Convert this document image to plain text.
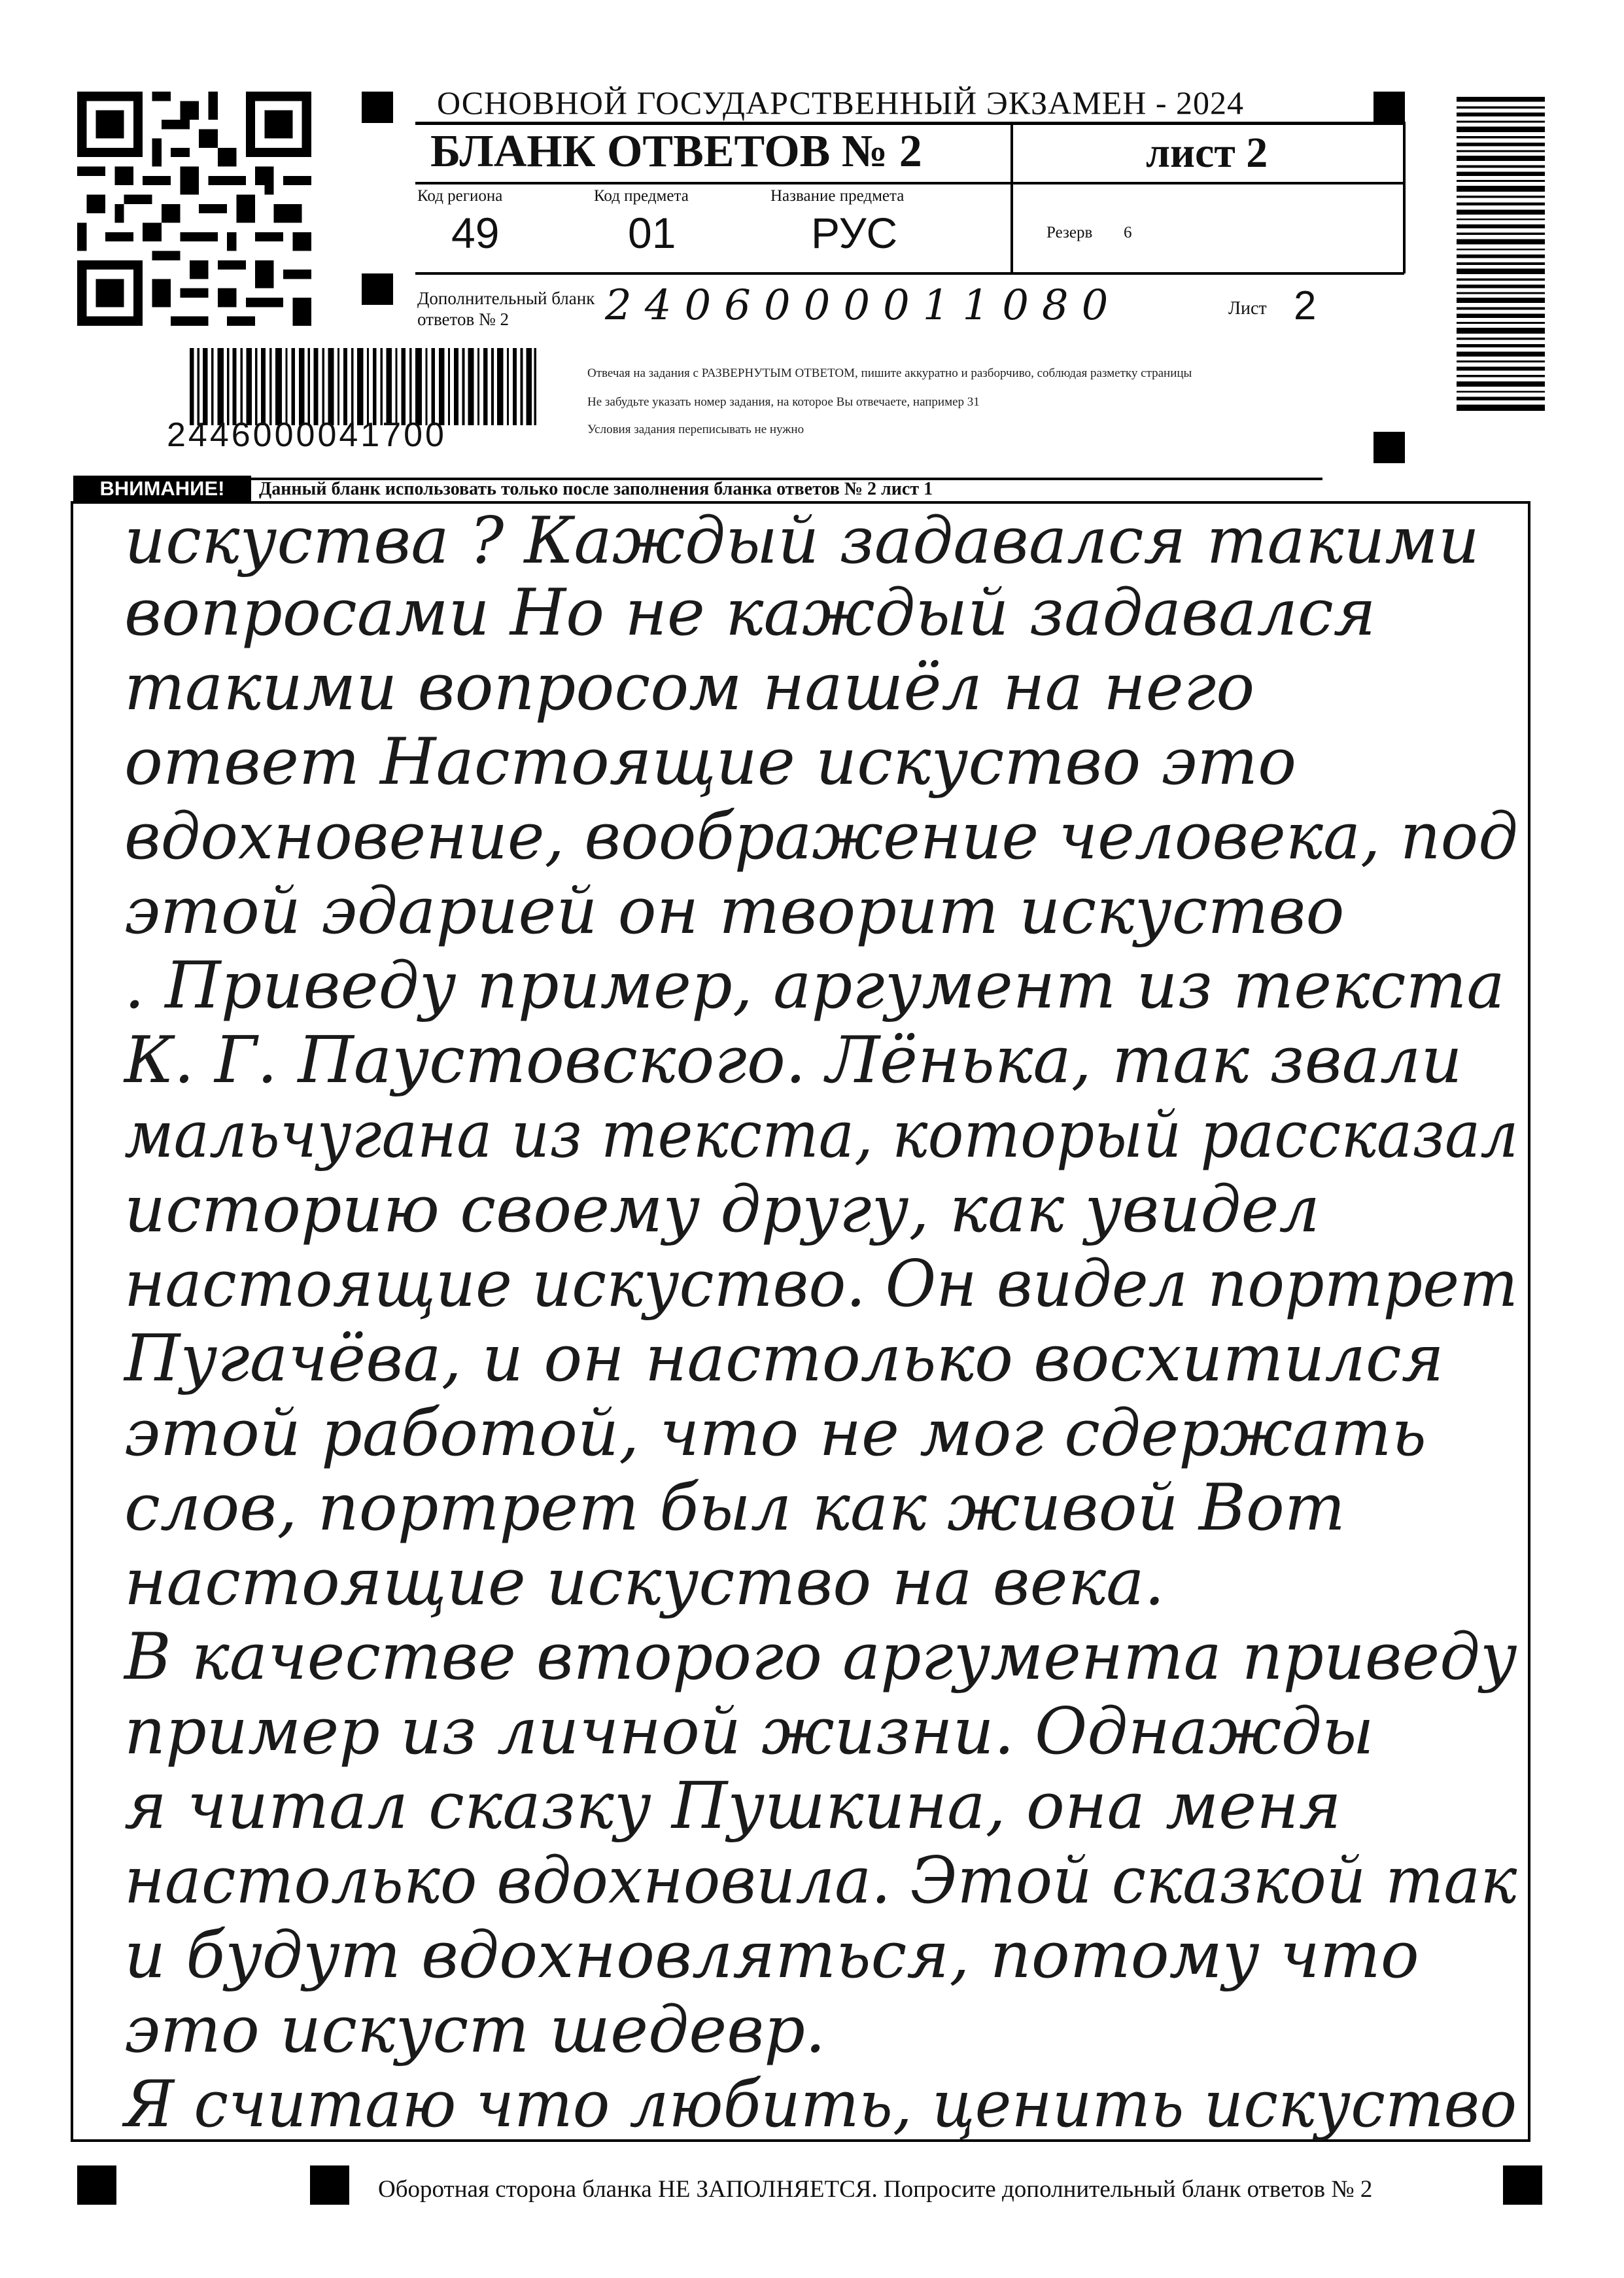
2446000041700
ОСНОВНОЙ ГОСУДАРСТВЕННЫЙ ЭКЗАМЕН - 2024
БЛАНК ОТВЕТОВ № 2	лист 2
Код региона
49
Код предмета
01
Название предмета
РУС	Резерв 6
Дополнительный бланк ответов № 2	2406000011080	Лист 2
Отвечая на задания с РАЗВЕРНУТЫМ ОТВЕТОМ, пишите аккуратно и разборчиво, соблюдая разметку страницы
Не забудьте указать номер задания, на которое Вы отвечаете, например 31
Условия задания переписывать не нужно
ВНИМАНИЕ!	Данный бланк использовать только после заполнения бланка ответов № 2 лист 1
искуства ? Каждый задавался такими
вопросами Но не каждый задавался
такими вопросом нашёл на него
ответ Настоящие искуство это
вдохновение, воображение человека, под
этой эдарией он творит искуство
. Приведу пример, аргумент из текста
К. Г. Паустовского. Лёнька, так звали
мальчугана из текста, который рассказал
историю своему другу, как увидел
настоящие искуство. Он видел портрет
Пугачёва, и он настолько восхитился
этой работой, что не мог сдержать
слов, портрет был как живой Вот
настоящие искуство на века.
В качестве второго аргумента приведу
пример из личной жизни. Однажды
я читал сказку Пушкина, она меня
настолько вдохновила. Этой сказкой так
и будут вдохновляться, потому что
это искуст шедевр.
Я считаю что любить, ценить искуство
Оборотная сторона бланка НЕ ЗАПОЛНЯЕТСЯ. Попросите дополнительный бланк ответов № 2
